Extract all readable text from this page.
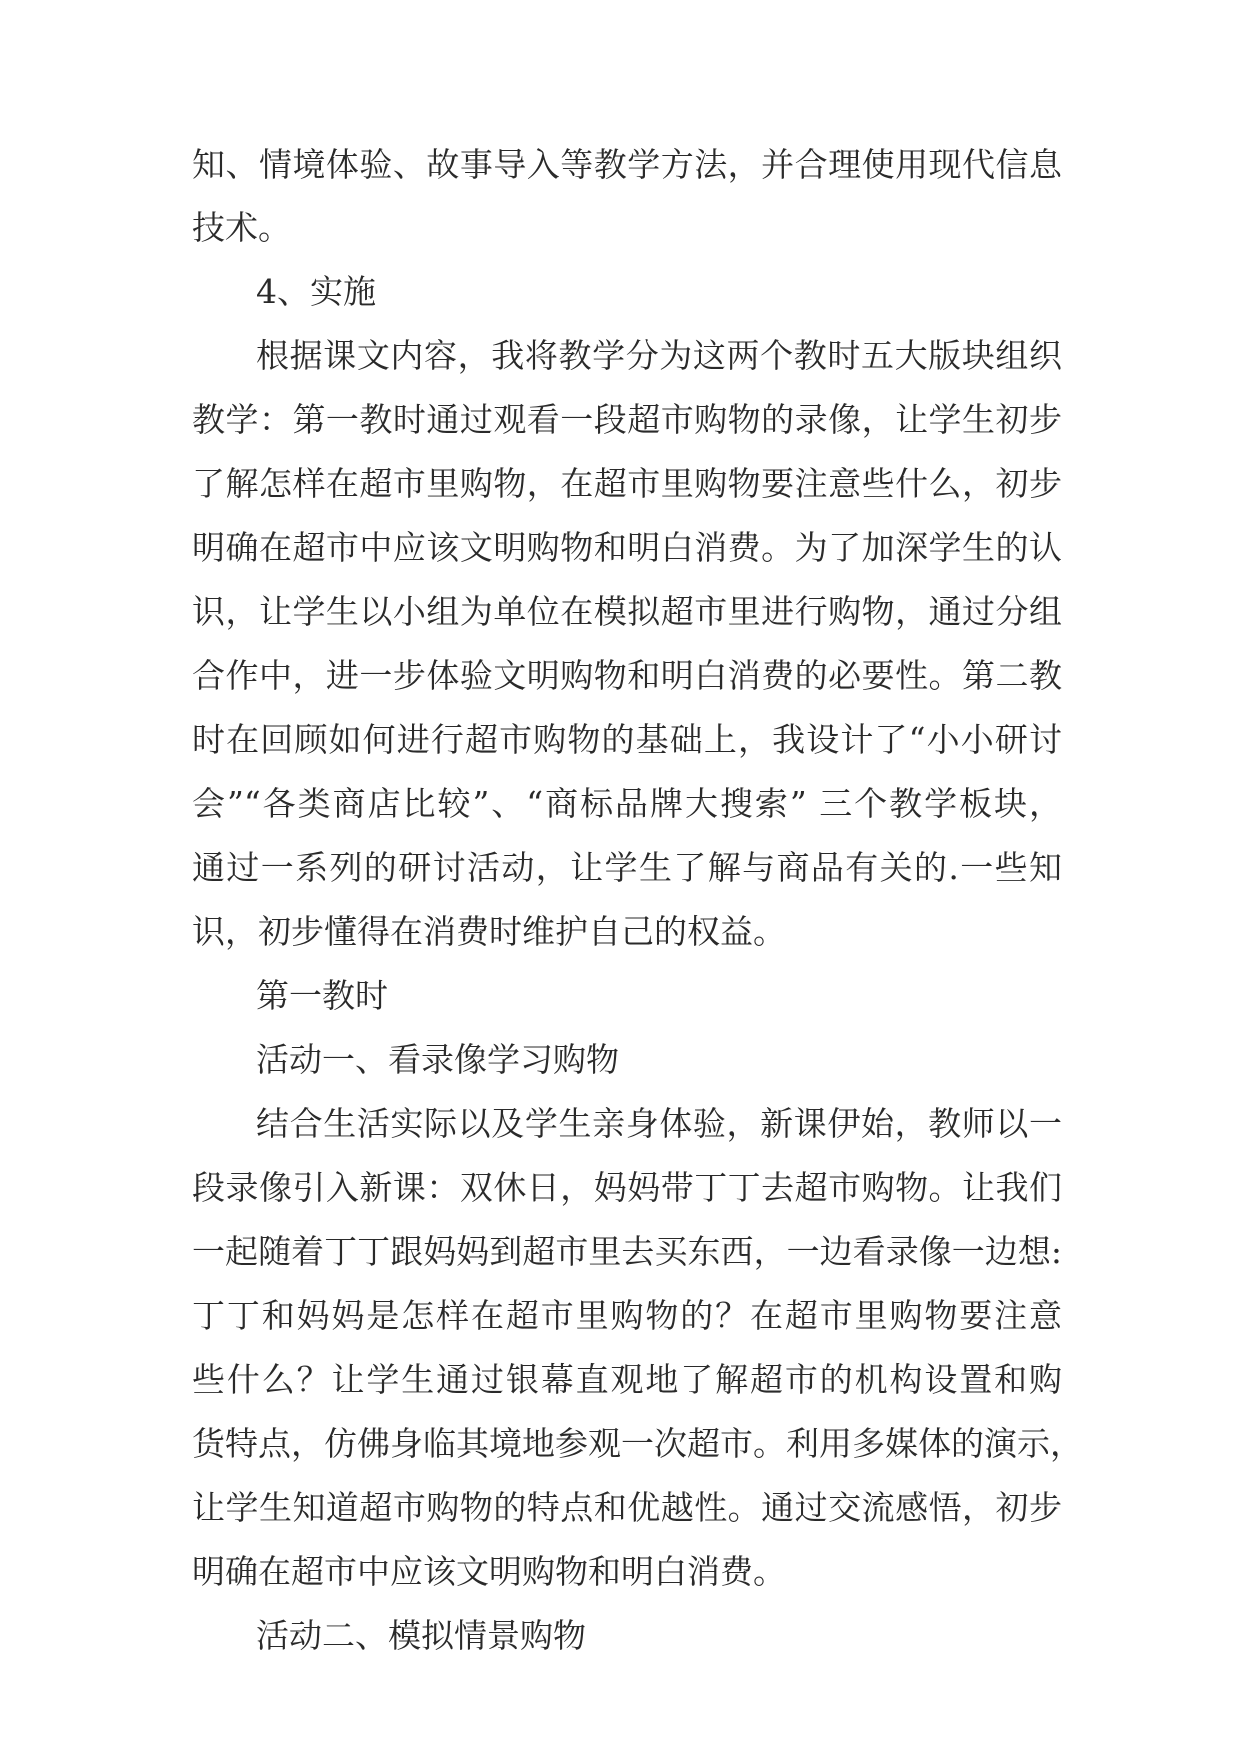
知、情境体验、故事导入等教学方法，并合理使用现代信息
技术。
4、实施
根据课文内容，我将教学分为这两个教时五大版块组织
教学：第一教时通过观看一段超市购物的录像，让学生初步
了解怎样在超市里购物，在超市里购物要注意些什么，初步
明确在超市中应该文明购物和明白消费。为了加深学生的认
识，让学生以小组为单位在模拟超市里进行购物，通过分组
合作中，进一步体验文明购物和明白消费的必要性。第二教
时在回顾如何进行超市购物的基础上，我设计了“小小研讨
会”“各类商店比较”、“商标品牌大搜索” 三个教学板块，
通过一系列的研讨活动，让学生了解与商品有关的.一些知
识，初步懂得在消费时维护自己的权益。
第一教时
活动一、看录像学习购物
结合生活实际以及学生亲身体验，新课伊始，教师以一
段录像引入新课：双休日，妈妈带丁丁去超市购物。让我们
一起随着丁丁跟妈妈到超市里去买东西，一边看录像一边想:
丁丁和妈妈是怎样在超市里购物的？在超市里购物要注意
些什么？让学生通过银幕直观地了解超市的机构设置和购
货特点，仿佛身临其境地参观一次超市。利用多媒体的演示，
让学生知道超市购物的特点和优越性。通过交流感悟，初步
明确在超市中应该文明购物和明白消费。
活动二、模拟情景购物
